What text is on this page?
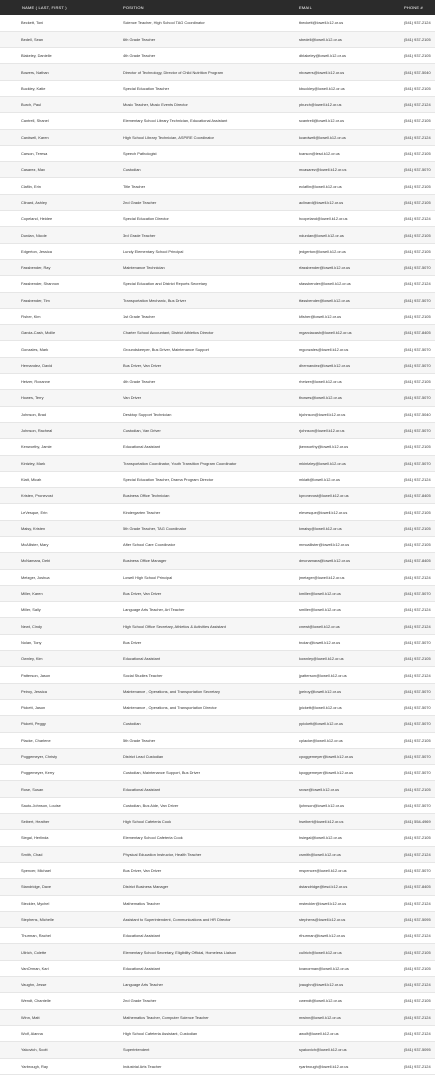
NAME ( LAST, FIRST )	POSITION	EMAIL	PHONE #
Beckett, Toni	Science Teacher, High School TAG Coordinator	tbeckett@lowell.k12.or.us	(541) 937-2124
Bedell, Sean	6th Grade Teacher	sbedell@lowell.k12.or.us	(541) 937-2105
Blakeley, Danielle	4th Grade Teacher	dblakeley@lowell.k12.or.us	(541) 937-2105
Bowers, Nathan	Director of Technology, Director of Child Nutrition Program	nbowers@lowell.k12.or.us	(541) 937-5040
Buckley, Katie	Special Education Teacher	kbuckley@lowell.k12.or.us	(541) 937-2105
Burch, Paul	Music Teacher, Music Events Director	pburch@lowell.k12.or.us	(541) 937-2124
Cantrell, Shanel	Elementary School Library Technician, Educational Assistant	scantrell@lowell.k12.or.us	(541) 937-2105
Cardwell, Karen	High School Library Technician, ASPIRE Coordinator	kcardwell@lowell.k12.or.us	(541) 937-2124
Carson, Teresa	Speech Pathologist	tcarson@lesd.k12.or.us	(541) 937-2105
Casarez, Max	Custodian	mcasarez@lowell.k12.or.us	(541) 937-5070
Claflin, Erin	Title Teacher	eclaflin@lowell.k12.or.us	(541) 937-2105
Clinard, Ashley	2nd Grade Teacher	aclinard@lowell.k12.or.us	(541) 937-2105
Copeland, Heidee	Special Education Director	hcopeland@lowell.k12.or.us	(541) 937-2124
Durdan, Nicole	3rd Grade Teacher	ndurdan@lowell.k12.or.us	(541) 937-2105
Edgerton, Jessica	Lundy Elementary School Principal	jedgerton@lowell.k12.or.us	(541) 937-2105
Fassbender, Ray	Maintenance Technician	rfassbender@lowell.k12.or.us	(541) 937-5070
Fassbender, Shannon	Special Education and District Reports Secretary	sfassbender@lowell.k12.or.us	(541) 937-2124
Fassbender, Tim	Transportation Mechanic, Bus Driver	tfassbender@lowell.k12.or.us	(541) 937-5070
Fisher, Kim	1st Grade Teacher	kfisher@lowell.k12.or.us	(541) 937-2105
Garcia-Cash, Mollie	Charter School Accountant, District Athletics Director	mgarciacash@lowell.k12.or.us	(541) 937-8405
Gonzales, Mark	Groundskeeper, Bus Driver, Maintenance Support	mgonzales@lowell.k12.or.us	(541) 937-5070
Hernandez, David	Bus Driver, Van Driver	dhernandez@lowell.k12.or.us	(541) 937-5070
Hetzer, Roxanne	4th Grade Teacher	rhetzer@lowell.k12.or.us	(541) 937-2105
Howes, Terry	Van Driver	thowes@lowell.k12.or.us	(541) 937-5070
Johnson, Brad	Desktop Support Technician	bjohnson@lowell.k12.or.us	(541) 937-5040
Johnson, Racheal	Custodian, Van Driver	rjohnson@lowell.k12.or.us	(541) 937-5070
Kenworthy, Jamie	Educational Assistant	jkenworthy@lowell.k12.or.us	(541) 937-2105
Kintzley, Mark	Transportation Coordinator, Youth Transition Program Coordinator	mkintzley@lowell.k12.or.us	(541) 937-5070
Klatt, Micah	Special Education Teacher, Drama Program Director	mklatt@lowell.k12.or.us	(541) 937-2124
Kristen, Pronevost	Business Office Technician	kpronevost@lowell.k12.or.us	(541) 937-8405
LeVesque, Erin	Kindergarten Teacher	elevesque@lowell.k12.or.us	(541) 937-2105
Maisy, Kristen	5th Grade Teacher, TAG Coordinator	kmaisy@lowell.k12.or.us	(541) 937-2105
McAllister, Mary	After School Care Coordinator	mmcallister@lowell.k12.or.us	(541) 937-2105
McNamara, Debi	Business Office Manager	dmcnamara@lowell.k12.or.us	(541) 937-8405
Metzger, Joshua	Lowell High School Principal	jmetzger@lowell.k12.or.us	(541) 937-2124
Miller, Karen	Bus Driver, Van Driver	kmiller@lowell.k12.or.us	(541) 937-5070
Miller, Sally	Language Arts Teacher, Art Teacher	smiller@lowell.k12.or.us	(541) 937-2124
Newt, Cindy	High School Office Secretary, Athletics & Activities Assistant	cnewt@lowell.k12.or.us	(541) 937-2124
Nolan, Tony	Bus Driver	tnolan@lowell.k12.or.us	(541) 937-5070
Ownley, Kim	Educational Assistant	kownley@lowell.k12.or.us	(541) 937-2105
Patterson, Jason	Social Studies Teacher	jpatterson@lowell.k12.or.us	(541) 937-2124
Peiroy, Jessica	Maintenance , Operations, and Transportation Secretary	jpeiroy@lowell.k12.or.us	(541) 937-5070
Pickett, Jason	Maintenance , Operations, and Transportation Director	jpickett@lowell.k12.or.us	(541) 937-5070
Pickett, Peggy	Custodian	ppickett@lowell.k12.or.us	(541) 937-5070
Placke, Charlene	5th Grade Teacher	cplacke@lowell.k12.or.us	(541) 937-2105
Poggemeyer, Christy	District Lead Custodian	cpoggemeyer@lowell.k12.or.us	(541) 937-5070
Poggemeyer, Kerry	Custodian, Maintenance Support, Bus Driver	kpoggemeyer@lowell.k12.or.us	(541) 937-5070
Rose, Susan	Educational Assistant	srose@lowell.k12.or.us	(541) 937-2105
Sauto-Johnson, Louise	Custodian, Bus Aide, Van Driver	ljohnson@lowell.k12.or.us	(541) 937-5070
Seibert, Heather	High School Cafeteria Cook	hseibert@lowell.k12.or.us	(541) 554-4969
Siegal, Herlinda	Elementary School Cafeteria Cook	hsiegal@lowell.k12.or.us	(541) 937-2105
Smith, Chad	Physical Education Instructor, Health Teacher	csmith@lowell.k12.or.us	(541) 937-2124
Spencer, Michael	Bus Driver, Van Driver	mspencer@lowell.k12.or.us	(541) 937-5070
Standridge, Dave	District Business Manager	dstandridge@lesd.k12.or.us	(541) 937-8405
Steckler, Mychel	Mathematics Teacher	msteckler@lowell.k12.or.us	(541) 937-2124
Stephens, Michelle	Assistant to Superintendent, Communications and HR Director	stephens@lowell.k12.or.us	(541) 937-5095
Thurman, Rachel	Educational Assistant	rthurman@lowell.k12.or.us	(541) 937-2124
Ullrich, Colette	Elementary School Secretary, Eligibility Official, Homeless Liaison	cullrich@lowell.k12.or.us	(541) 937-2105
VanOrman, Kari	Educational Assistant	kvanorman@lowell.k12.or.us	(541) 937-2105
Vaughn, Jesse	Language Arts Teacher	jvaughn@lowell.k12.or.us	(541) 937-2124
Wendt, Chantelle	2nd Grade Teacher	cwendt@lowell.k12.or.us	(541) 937-2105
Winn, Matt	Mathematics Teacher, Computer Science Teacher	mwinn@lowell.k12.or.us	(541) 937-2124
Wolf, Alanna	High School Cafeteria Assistant, Custodian	awolf@lowell.k12.or.us	(541) 937-2124
Yakovich, Scott	Superintendent	syakovich@lowell.k12.or.us	(541) 937-5095
Yarbrough, Ray	Industrial Arts Teacher	ryarbrough@lowell.k12.or.us	(541) 937-2124
